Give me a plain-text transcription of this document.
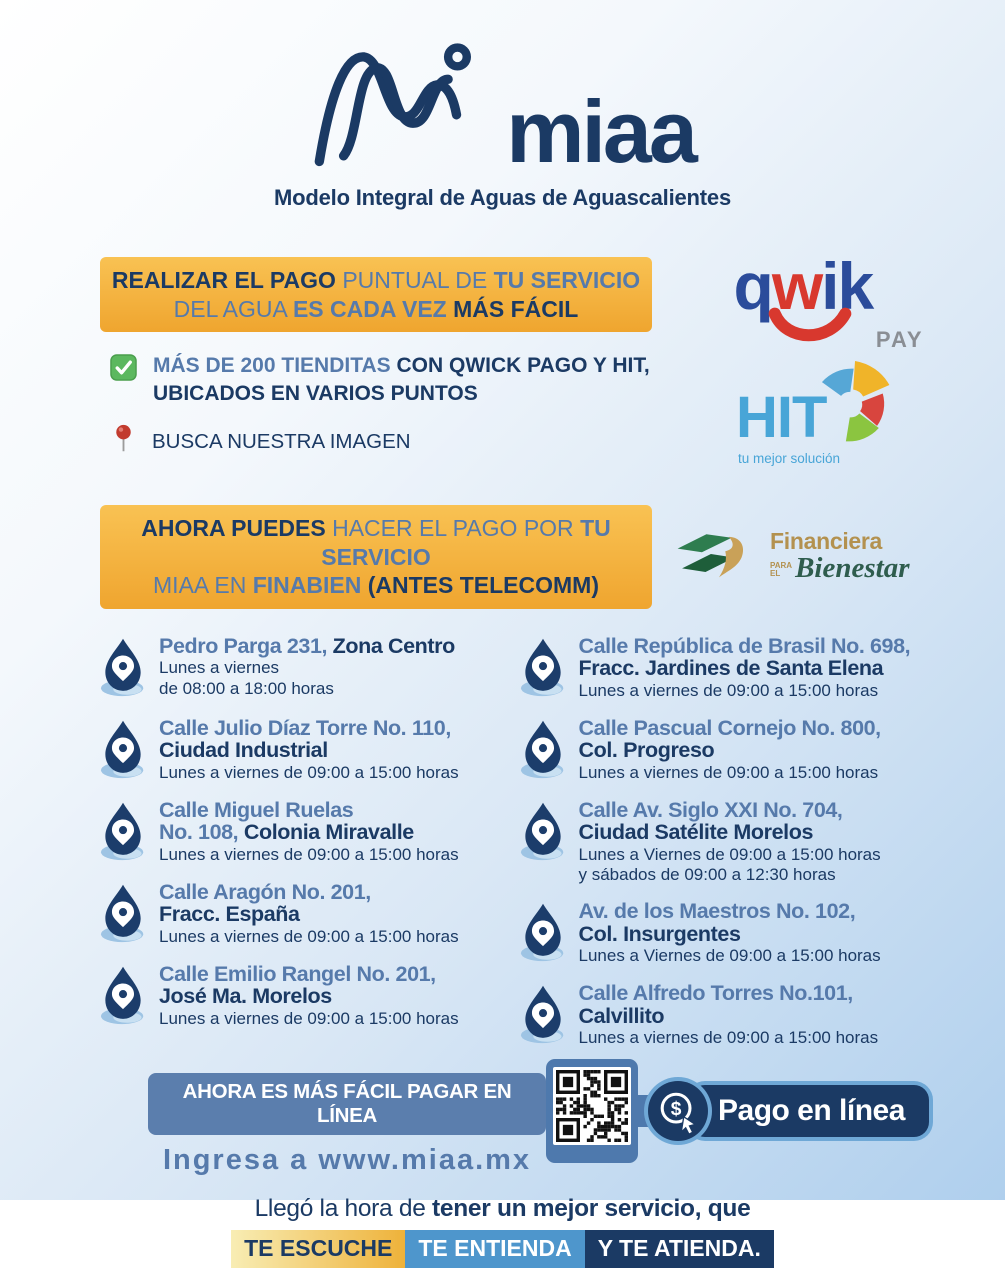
miaa
Modelo Integral de Aguas de Aguascalientes
REALIZAR EL PAGO PUNTUAL DE TU SERVICIO
DEL AGUA ES CADA VEZ MÁS FÁCIL
MÁS DE 200 TIENDITAS CON QWICK PAGO Y HIT,
UBICADOS EN VARIOS PUNTOS
BUSCA NUESTRA IMAGEN
qwik
PAY
HIT
tu mejor solución
AHORA PUEDES HACER EL PAGO POR TU SERVICIO
MIAA EN FINABIEN (ANTES TELECOMM)
Financiera
PARA
EL Bienestar
Pedro Parga 231, Zona Centro
Lunes a viernes
de 08:00 a 18:00 horas
Calle Julio Díaz Torre No. 110,
Ciudad Industrial
Lunes a viernes de 09:00 a 15:00 horas
Calle Miguel Ruelas
No. 108, Colonia Miravalle
Lunes a viernes de 09:00 a 15:00 horas
Calle Aragón No. 201,
Fracc. España
Lunes a viernes de 09:00 a 15:00 horas
Calle Emilio Rangel No. 201,
José Ma. Morelos
Lunes a viernes de 09:00 a 15:00 horas
Calle República de Brasil No. 698,
Fracc. Jardines de Santa Elena
Lunes a viernes de 09:00 a 15:00 horas
Calle Pascual Cornejo No. 800,
Col. Progreso
Lunes a viernes de 09:00 a 15:00 horas
Calle Av. Siglo XXI No. 704,
Ciudad Satélite Morelos
Lunes a Viernes de 09:00 a 15:00 horas
y sábados de 09:00 a 12:30 horas
Av. de los Maestros No. 102,
Col. Insurgentes
Lunes a Viernes de 09:00 a 15:00 horas
Calle Alfredo Torres No.101,
Calvillito
Lunes a viernes de 09:00 a 15:00 horas
AHORA ES MÁS FÁCIL PAGAR EN LÍNEA
Ingresa a www.miaa.mx
$	Pago en línea
Llegó la hora de tener un mejor servicio, que
TE ESCUCHE	TE ENTIENDA	Y TE ATIENDA.
